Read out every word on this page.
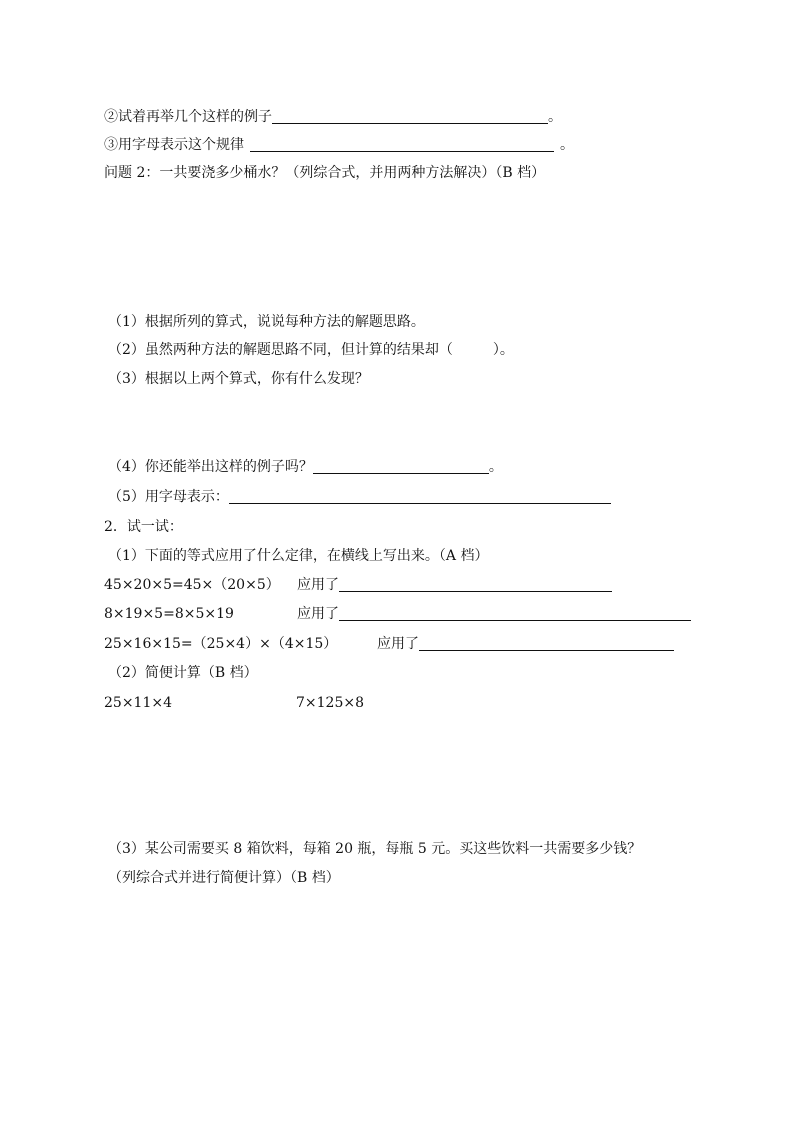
②试着再举几个这样的例子	。
③用字母表示这个规律	。
问题 2：一共要浇多少桶水？（列综合式，并用两种方法解决）（B 档）
（1）根据所列的算式，说说每种方法的解题思路。
（2）虽然两种方法的解题思路不同，但计算的结果却（	）。
（3）根据以上两个算式，你有什么发现？
（4）你还能举出这样的例子吗？	。
（5）用字母表示：
2．试一试：
（1）下面的等式应用了什么定律，在横线上写出来。（A 档）
45×20×5=45×（20×5） 应用了
8×19×5=8×5×19	应用了
25×16×15=（25×4）×（4×15）	应用了
（2）简便计算（B 档）
25×11×4	7×125×8
（3）某公司需要买 8 箱饮料，每箱 20 瓶，每瓶 5 元。买这些饮料一共需要多少钱？
（列综合式并进行简便计算）（B 档）
